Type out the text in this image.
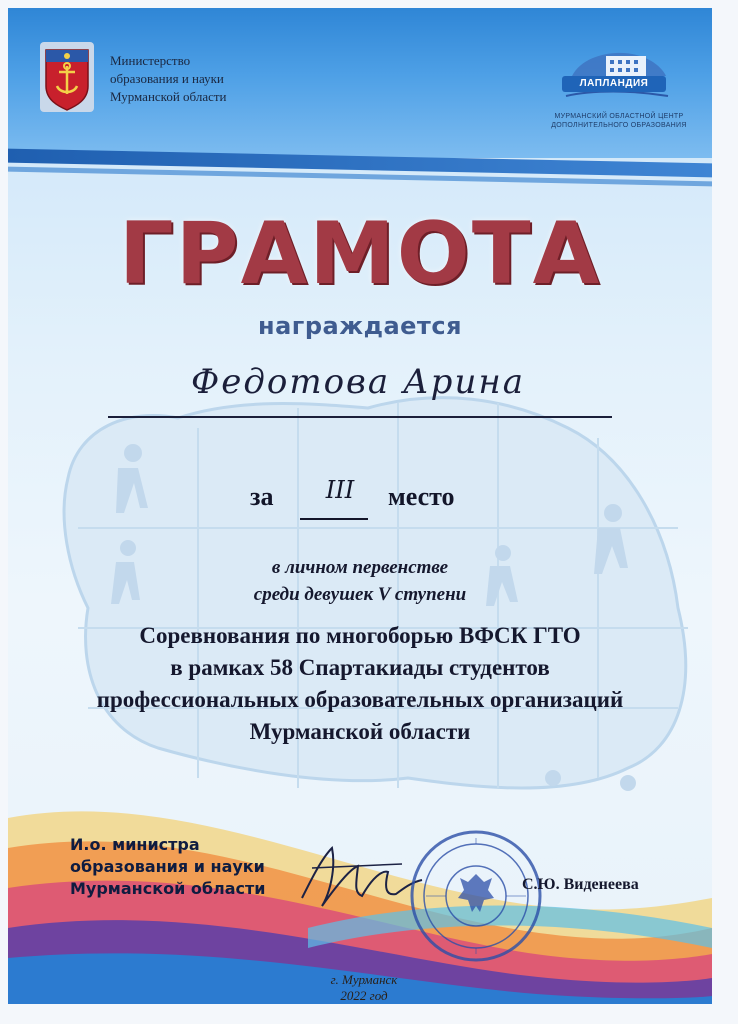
Министерство
образования и науки
Мурманской области
ЛАПЛАНДИЯ
МУРМАНСКИЙ ОБЛАСТНОЙ ЦЕНТР
ДОПОЛНИТЕЛЬНОГО ОБРАЗОВАНИЯ
ГРАМОТА
награждается
Федотова Арина
за	III	место
в личном первенстве
среди девушек V ступени
Соревнования по многоборью ВФСК ГТО
в рамках 58 Спартакиады студентов
профессиональных образовательных организаций
Мурманской области
И.о. министра
образования и науки
Мурманской области	С.Ю. Виденеева
г. Мурманск
2022 год
